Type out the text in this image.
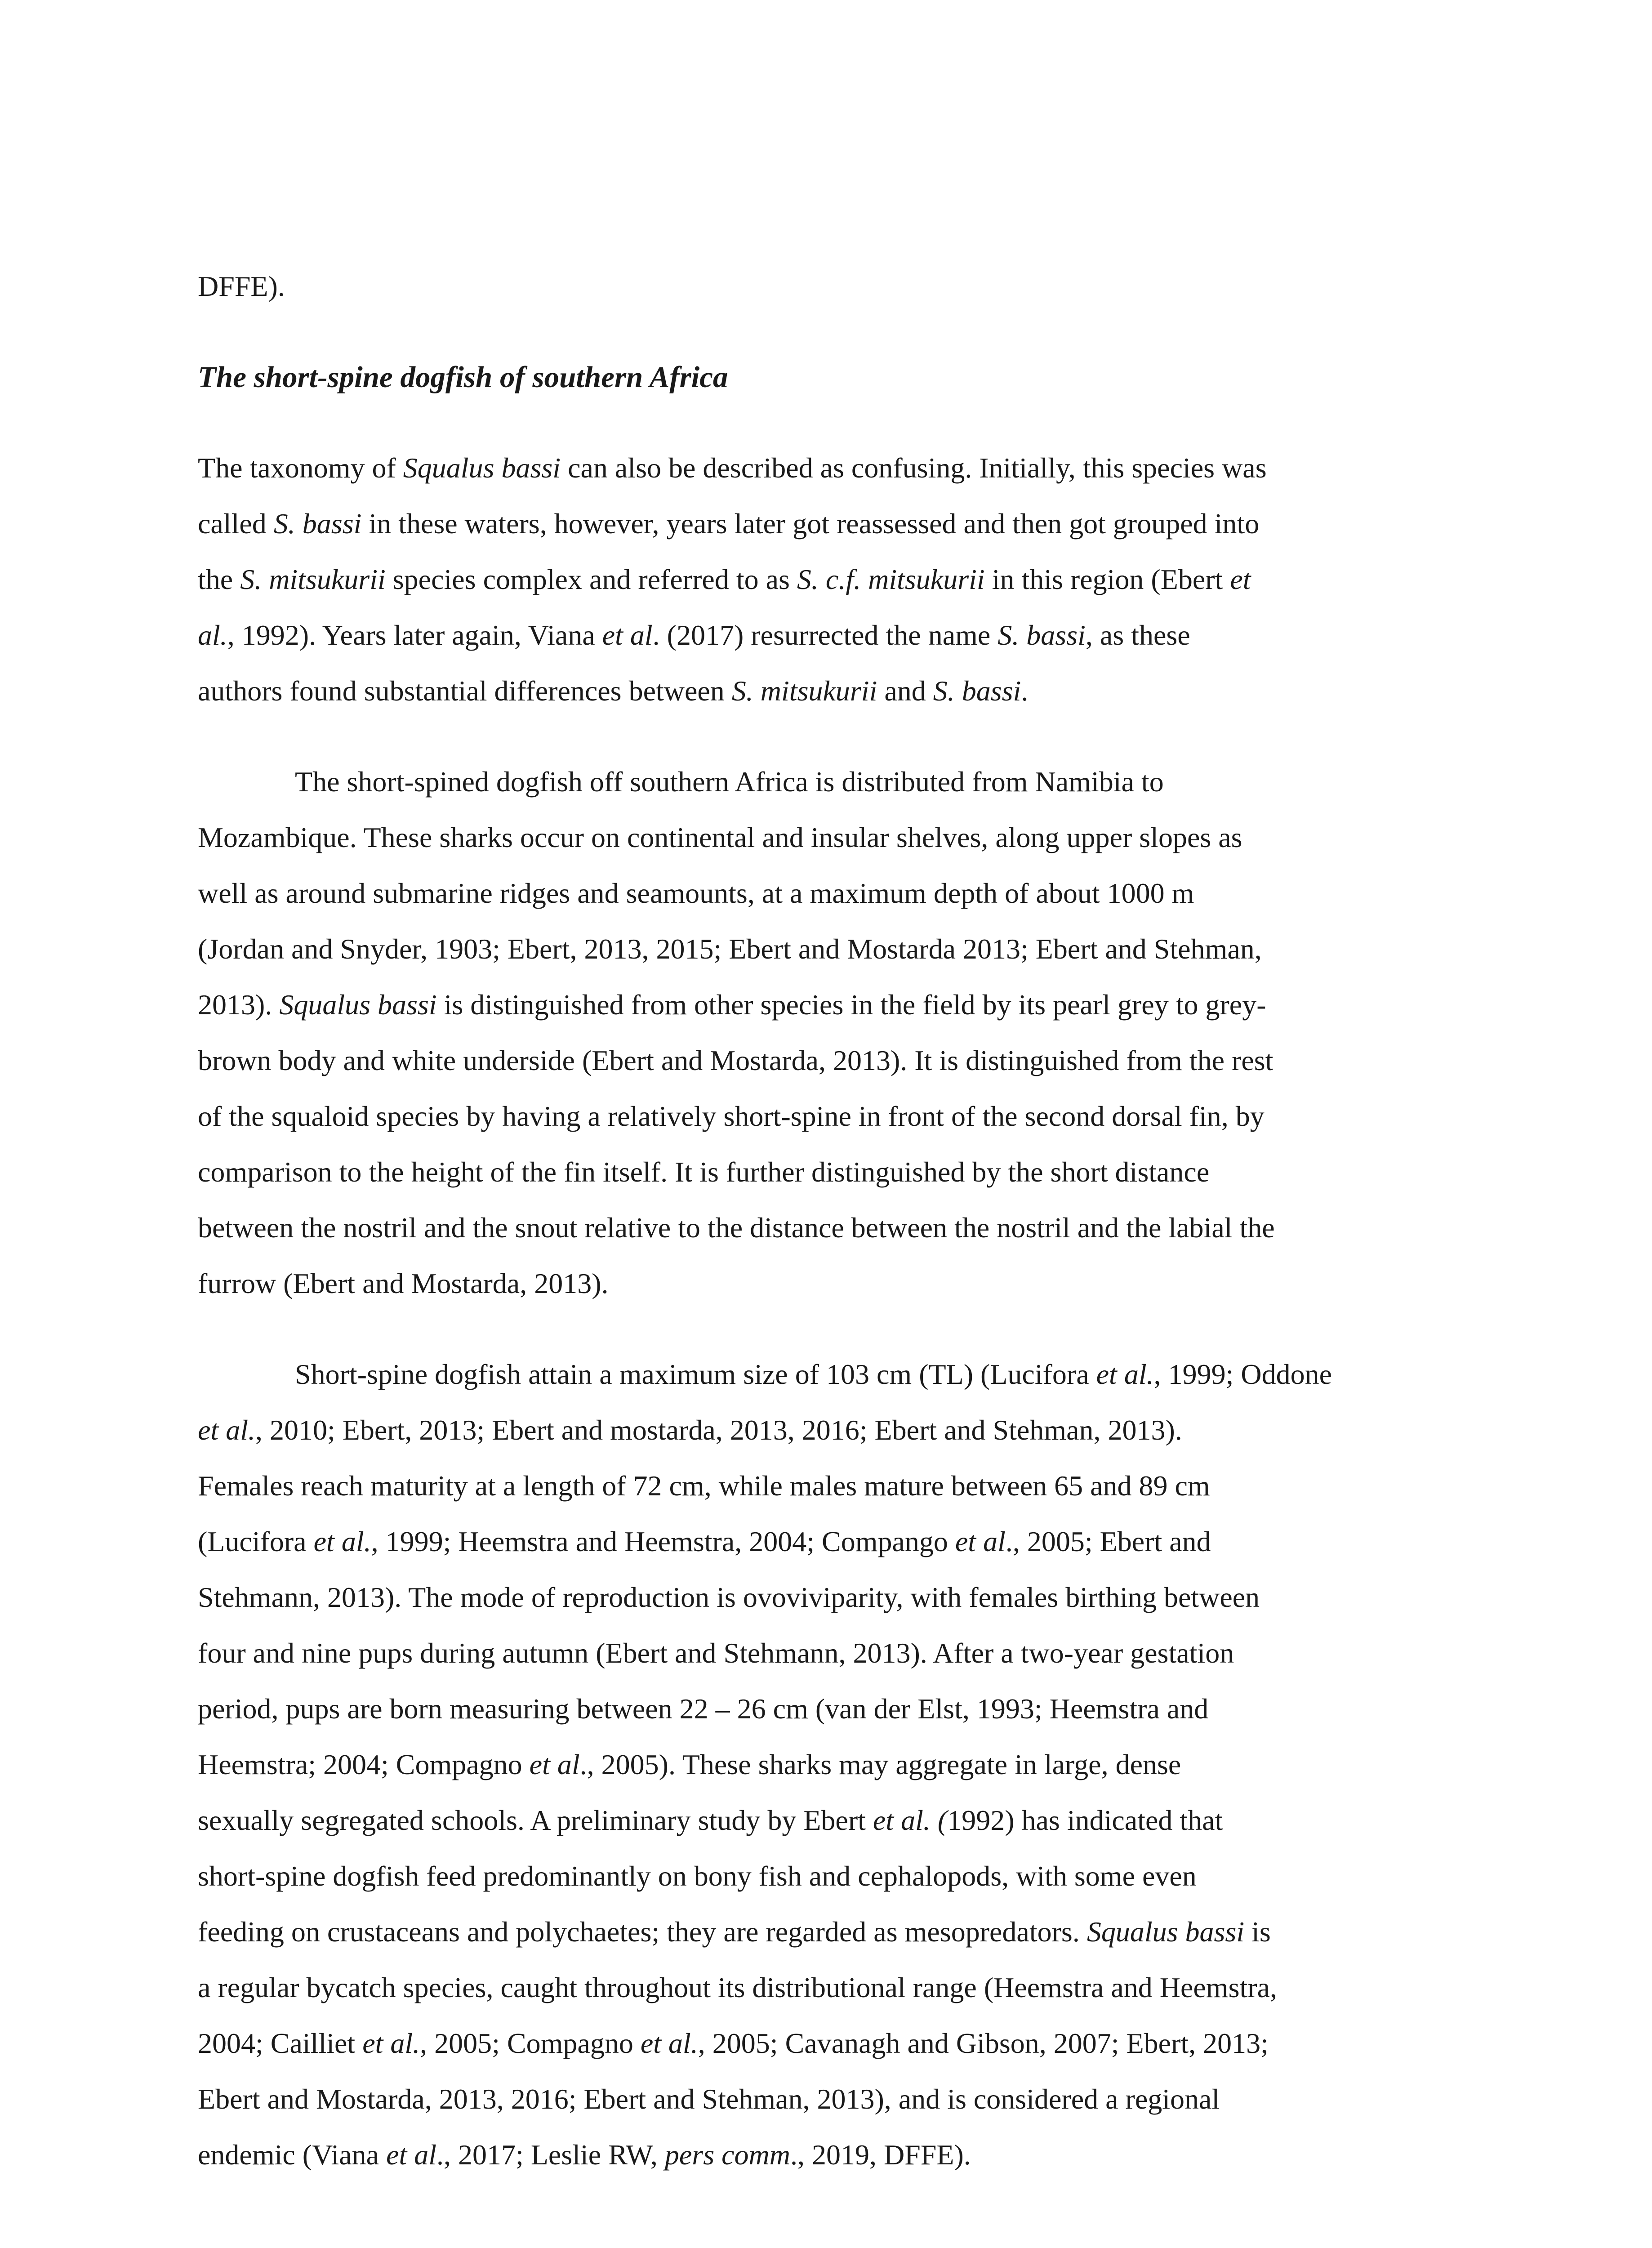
DFFE).

The short-spine dogfish of southern Africa
The taxonomy of Squalus bassi can also be described as confusing. Initially, this species was
called S. bassi in these waters, however, years later got reassessed and then got grouped into
the S. mitsukurii species complex and referred to as S. c.f. mitsukurii in this region (Ebert et
al., 1992). Years later again, Viana et al. (2017) resurrected the name S. bassi, as these
authors found substantial differences between S. mitsukurii and S. bassi.
The short-spined dogfish off southern Africa is distributed from Namibia to
Mozambique. These sharks occur on continental and insular shelves, along upper slopes as
well as around submarine ridges and seamounts, at a maximum depth of about 1000 m
(Jordan and Snyder, 1903; Ebert, 2013, 2015; Ebert and Mostarda 2013; Ebert and Stehman,
2013). Squalus bassi is distinguished from other species in the field by its pearl grey to grey-
brown body and white underside (Ebert and Mostarda, 2013). It is distinguished from the rest
of the squaloid species by having a relatively short-spine in front of the second dorsal fin, by
comparison to the height of the fin itself. It is further distinguished by the short distance
between the nostril and the snout relative to the distance between the nostril and the labial the
furrow (Ebert and Mostarda, 2013).
Short-spine dogfish attain a maximum size of 103 cm (TL) (Lucifora et al., 1999; Oddone
et al., 2010; Ebert, 2013; Ebert and mostarda, 2013, 2016; Ebert and Stehman, 2013).
Females reach maturity at a length of 72 cm, while males mature between 65 and 89 cm
(Lucifora et al., 1999; Heemstra and Heemstra, 2004; Compango et al., 2005; Ebert and
Stehmann, 2013). The mode of reproduction is ovoviviparity, with females birthing between
four and nine pups during autumn (Ebert and Stehmann, 2013). After a two-year gestation
period, pups are born measuring between 22 – 26 cm (van der Elst, 1993; Heemstra and
Heemstra; 2004; Compagno et al., 2005). These sharks may aggregate in large, dense
sexually segregated schools. A preliminary study by Ebert et al. (1992) has indicated that
short-spine dogfish feed predominantly on bony fish and cephalopods, with some even
feeding on crustaceans and polychaetes; they are regarded as mesopredators. Squalus bassi is
a regular bycatch species, caught throughout its distributional range (Heemstra and Heemstra,
2004; Cailliet et al., 2005; Compagno et al., 2005; Cavanagh and Gibson, 2007; Ebert, 2013;
Ebert and Mostarda, 2013, 2016; Ebert and Stehman, 2013), and is considered a regional
endemic (Viana et al., 2017; Leslie RW, pers comm., 2019, DFFE).
